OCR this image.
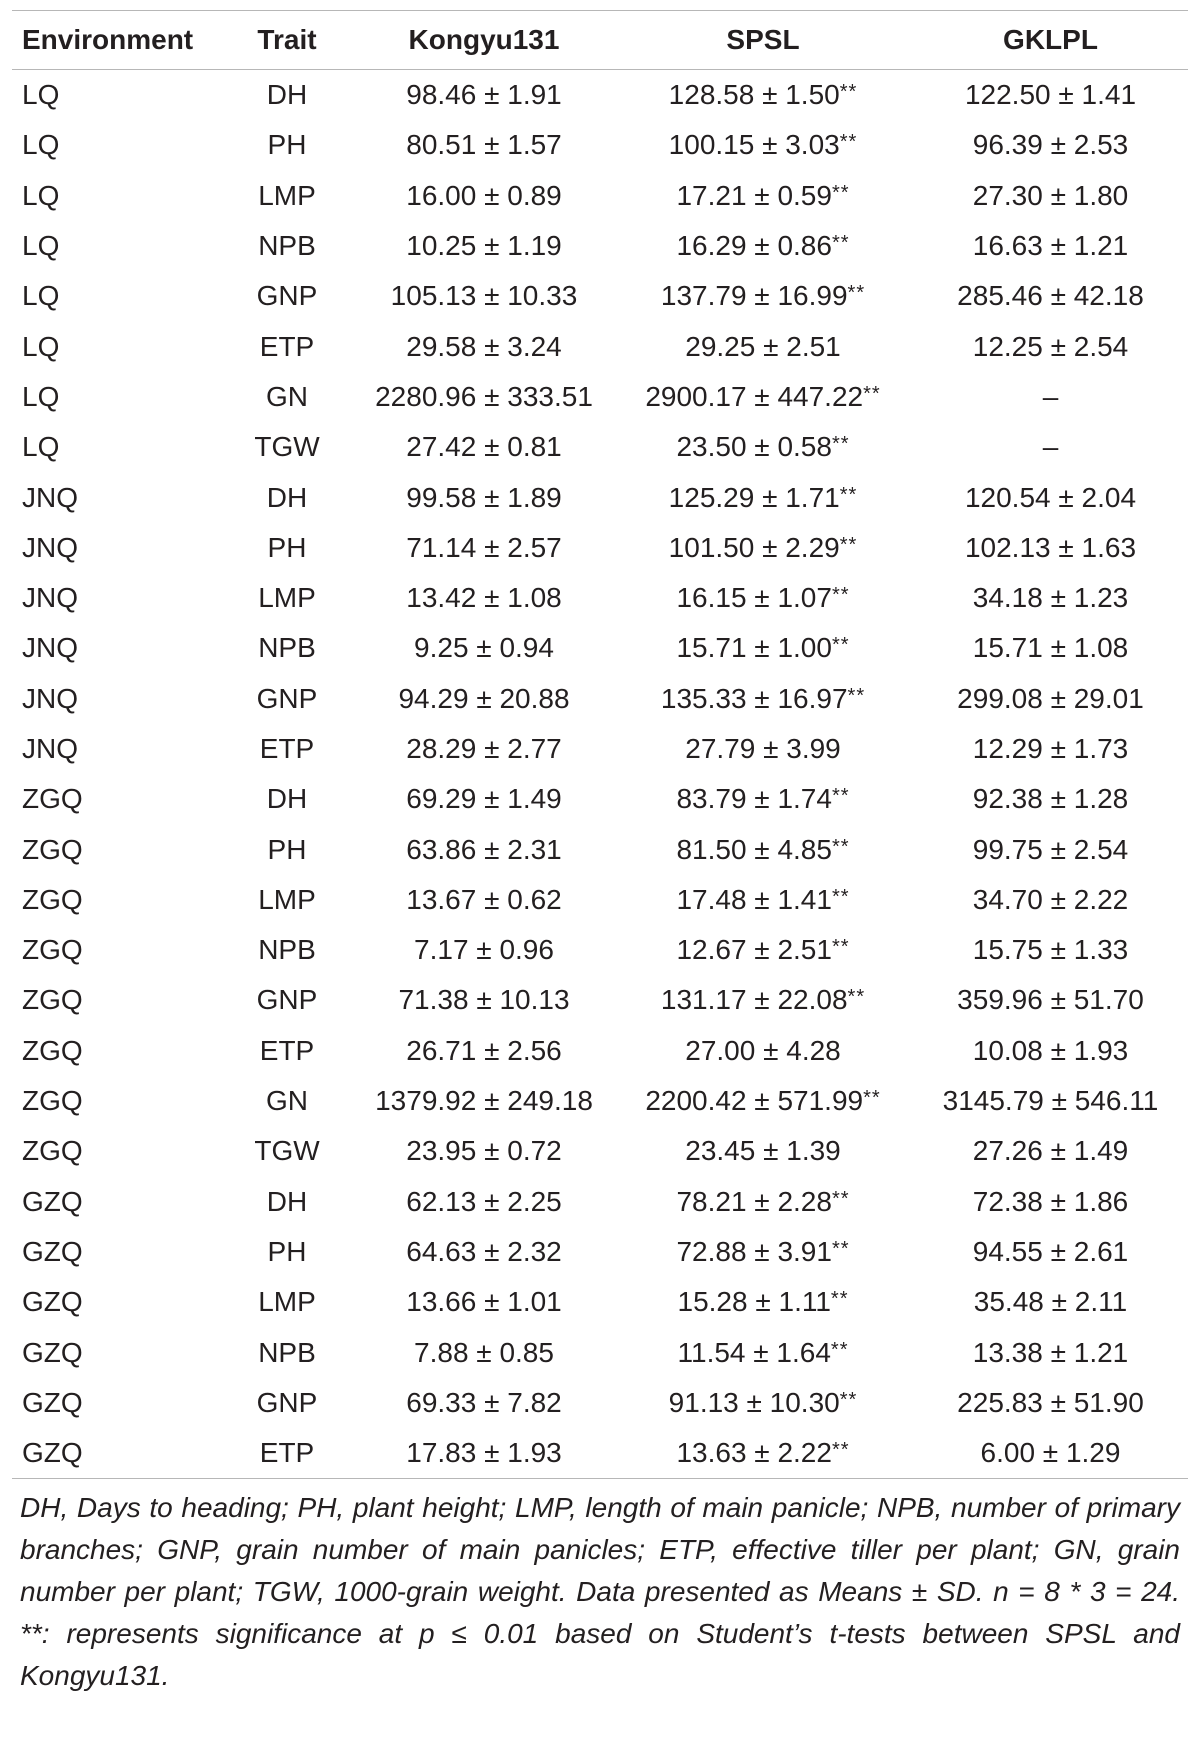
Environment	Trait	Kongyu131	SPSL	GKLPL

LQ	DH	98.46 ± 1.91	128.58 ± 1.50**	122.50 ± 1.41
LQ	PH	80.51 ± 1.57	100.15 ± 3.03**	96.39 ± 2.53
LQ	LMP	16.00 ± 0.89	17.21 ± 0.59**	27.30 ± 1.80
LQ	NPB	10.25 ± 1.19	16.29 ± 0.86**	16.63 ± 1.21
LQ	GNP	105.13 ± 10.33	137.79 ± 16.99**	285.46 ± 42.18
LQ	ETP	29.58 ± 3.24	29.25 ± 2.51	12.25 ± 2.54
LQ	GN	2280.96 ± 333.51	2900.17 ± 447.22**	–
LQ	TGW	27.42 ± 0.81	23.50 ± 0.58**	–
JNQ	DH	99.58 ± 1.89	125.29 ± 1.71**	120.54 ± 2.04
JNQ	PH	71.14 ± 2.57	101.50 ± 2.29**	102.13 ± 1.63
JNQ	LMP	13.42 ± 1.08	16.15 ± 1.07**	34.18 ± 1.23
JNQ	NPB	9.25 ± 0.94	15.71 ± 1.00**	15.71 ± 1.08
JNQ	GNP	94.29 ± 20.88	135.33 ± 16.97**	299.08 ± 29.01
JNQ	ETP	28.29 ± 2.77	27.79 ± 3.99	12.29 ± 1.73
ZGQ	DH	69.29 ± 1.49	83.79 ± 1.74**	92.38 ± 1.28
ZGQ	PH	63.86 ± 2.31	81.50 ± 4.85**	99.75 ± 2.54
ZGQ	LMP	13.67 ± 0.62	17.48 ± 1.41**	34.70 ± 2.22
ZGQ	NPB	7.17 ± 0.96	12.67 ± 2.51**	15.75 ± 1.33
ZGQ	GNP	71.38 ± 10.13	131.17 ± 22.08**	359.96 ± 51.70
ZGQ	ETP	26.71 ± 2.56	27.00 ± 4.28	10.08 ± 1.93
ZGQ	GN	1379.92 ± 249.18	2200.42 ± 571.99**	3145.79 ± 546.11
ZGQ	TGW	23.95 ± 0.72	23.45 ± 1.39	27.26 ± 1.49
GZQ	DH	62.13 ± 2.25	78.21 ± 2.28**	72.38 ± 1.86
GZQ	PH	64.63 ± 2.32	72.88 ± 3.91**	94.55 ± 2.61
GZQ	LMP	13.66 ± 1.01	15.28 ± 1.11**	35.48 ± 2.11
GZQ	NPB	7.88 ± 0.85	11.54 ± 1.64**	13.38 ± 1.21
GZQ	GNP	69.33 ± 7.82	91.13 ± 10.30**	225.83 ± 51.90
GZQ	ETP	17.83 ± 1.93	13.63 ± 2.22**	6.00 ± 1.29
DH, Days to heading; PH, plant height; LMP, length of main panicle; NPB, number of primary branches; GNP, grain number of main panicles; ETP, effective tiller per plant; GN, grain number per plant; TGW, 1000-grain weight. Data presented as Means ± SD. n = 8 * 3 = 24. **: represents significance at p ≤ 0.01 based on Student’s t-tests between SPSL and Kongyu131.
